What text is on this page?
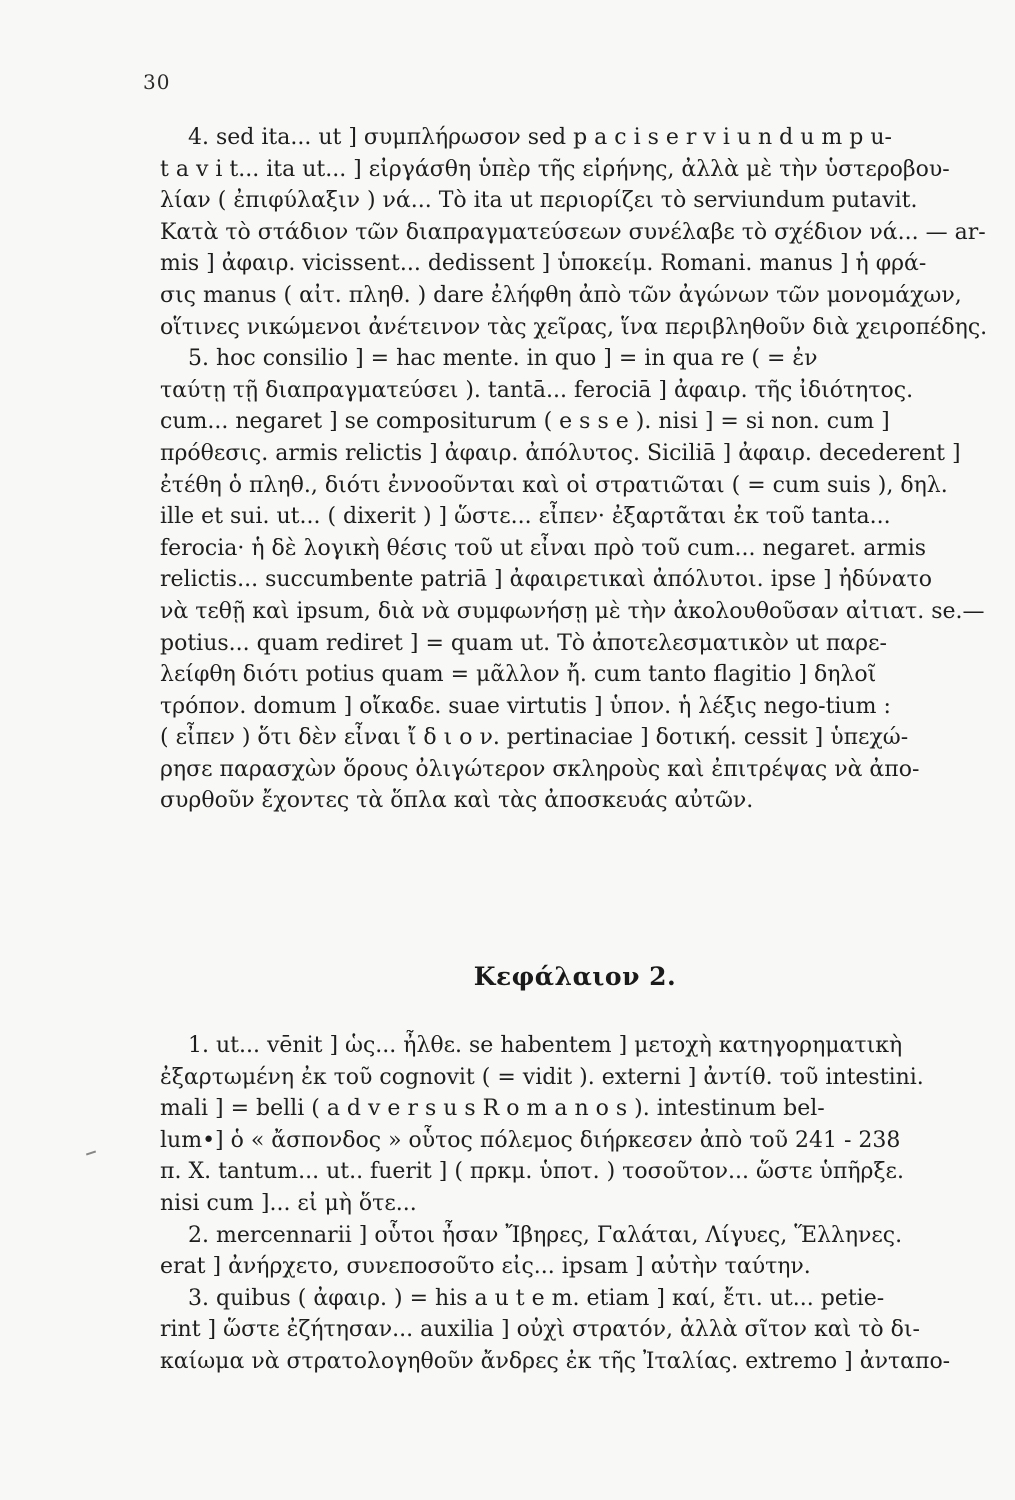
30
4. sed ita... ut ] συμπλήρωσον sed p a c i s e r v i u n d u m p u-
t a v i t... ita ut... ] εἰργάσθη ὑπὲρ τῆς εἰρήνης, ἀλλὰ μὲ τὴν ὑστεροβου-
λίαν ( ἐπιφύλαξιν ) νά... Τὸ ita ut περιορίζει τὸ serviundum putavit.
Κατὰ τὸ στάδιον τῶν διαπραγματεύσεων συνέλαβε τὸ σχέδιον νά... — ar-
mis ] ἀφαιρ. vicissent... dedissent ] ὑποκείμ. Romani. manus ] ἡ φρά-
σις manus ( αἰτ. πληθ. ) dare ἐλήφθη ἀπὸ τῶν ἀγώνων τῶν μονομάχων,
οἵτινες νικώμενοι ἀνέτεινον τὰς χεῖρας, ἵνα περιβληθοῦν διὰ χειροπέδης.
5. hoc consilio ] = hac mente. in quo ] = in qua re ( = ἐν
ταύτῃ τῇ διαπραγματεύσει ). tantā... ferociā ] ἀφαιρ. τῆς ἰδιότητος.
cum... negaret ] se compositurum ( e s s e ). nisi ] = si non. cum ]
πρόθεσις. armis relictis ] ἀφαιρ. ἀπόλυτος. Siciliā ] ἀφαιρ. decederent ]
ἐτέθη ὁ πληθ., διότι ἐννοοῦνται καὶ οἱ στρατιῶται ( = cum suis ), δηλ.
ille et sui. ut... ( dixerit ) ] ὥστε... εἶπεν· ἐξαρτᾶται ἐκ τοῦ tanta...
ferocia· ἡ δὲ λογικὴ θέσις τοῦ ut εἶναι πρὸ τοῦ cum... negaret. armis
relictis... succumbente patriā ] ἀφαιρετικαὶ ἀπόλυτοι. ipse ] ἠδύνατο
νὰ τεθῇ καὶ ipsum, διὰ νὰ συμφωνήσῃ μὲ τὴν ἀκολουθοῦσαν αἰτιατ. se.—
potius... quam rediret ] = quam ut. Τὸ ἀποτελεσματικὸν ut παρε-
λείφθη διότι potius quam = μᾶλλον ἤ. cum tanto flagitio ] δηλοῖ
τρόπον. domum ] οἴκαδε. suae virtutis ] ὑπον. ἡ λέξις nego-tium :
( εἶπεν ) ὅτι δὲν εἶναι ἴ δ ι ο ν. pertinaciae ] δοτική. cessit ] ὑπεχώ-
ρησε παρασχὼν ὅρους ὀλιγώτερον σκληροὺς καὶ ἐπιτρέψας νὰ ἀπο-
συρθοῦν ἔχοντες τὰ ὅπλα καὶ τὰς ἀποσκευάς αὐτῶν.
Κεφάλαιον 2.
1. ut... vēnit ] ὡς... ἦλθε. se habentem ] μετοχὴ κατηγορηματικὴ
ἐξαρτωμένη ἐκ τοῦ cognovit ( = vidit ). externi ] ἀντίθ. τοῦ intestini.
mali ] = belli ( a d v e r s u s R o m a n o s ). intestinum bel-
lum•] ὁ « ἄσπονδος » οὗτος πόλεμος διήρκεσεν ἀπὸ τοῦ 241 - 238
π. Χ. tantum... ut.. fuerit ] ( πρκμ. ὑποτ. ) τοσοῦτον... ὥστε ὑπῆρξε.
nisi cum ]... εἰ μὴ ὅτε...
2. mercennarii ] οὗτοι ἦσαν Ἴβηρες, Γαλάται, Λίγυες, Ἕλληνες.
erat ] ἀνήρχετο, συνεποσοῦτο εἰς... ipsam ] αὐτὴν ταύτην.
3. quibus ( ἀφαιρ. ) = his a u t e m. etiam ] καί, ἔτι. ut... petie-
rint ] ὥστε ἐζήτησαν... auxilia ] οὐχὶ στρατόν, ἀλλὰ σῖτον καὶ τὸ δι-
καίωμα νὰ στρατολογηθοῦν ἄνδρες ἐκ τῆς Ἰταλίας. extremo ] ἀνταπο-
